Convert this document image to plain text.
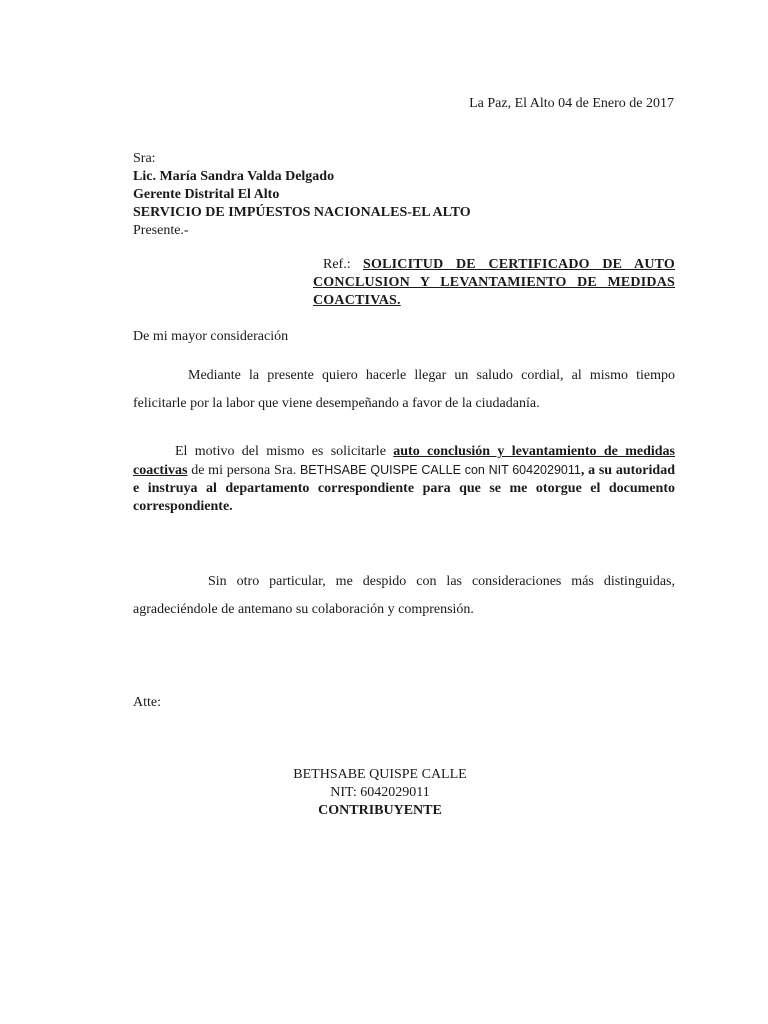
La Paz, El Alto 04 de Enero de 2017
Sra:
Lic. María Sandra Valda Delgado
Gerente Distrital El Alto
SERVICIO DE IMPÚESTOS NACIONALES-EL ALTO
Presente.-
Ref.: SOLICITUD DE CERTIFICADO DE AUTO CONCLUSION Y LEVANTAMIENTO DE MEDIDAS COACTIVAS.
De mi mayor consideración
Mediante la presente quiero hacerle llegar un saludo cordial, al mismo tiempo felicitarle por la labor que viene desempeñando a favor de la ciudadanía.
El motivo del mismo es solicitarle auto conclusión y levantamiento de medidas coactivas de mi persona Sra. BETHSABE QUISPE CALLE con NIT 6042029011, a su autoridad e instruya al departamento correspondiente para que se me otorgue el documento correspondiente.
Sin otro particular, me despido con las consideraciones más distinguidas, agradeciéndole de antemano su colaboración y comprensión.
Atte:
BETHSABE QUISPE CALLE
NIT: 6042029011
CONTRIBUYENTE
